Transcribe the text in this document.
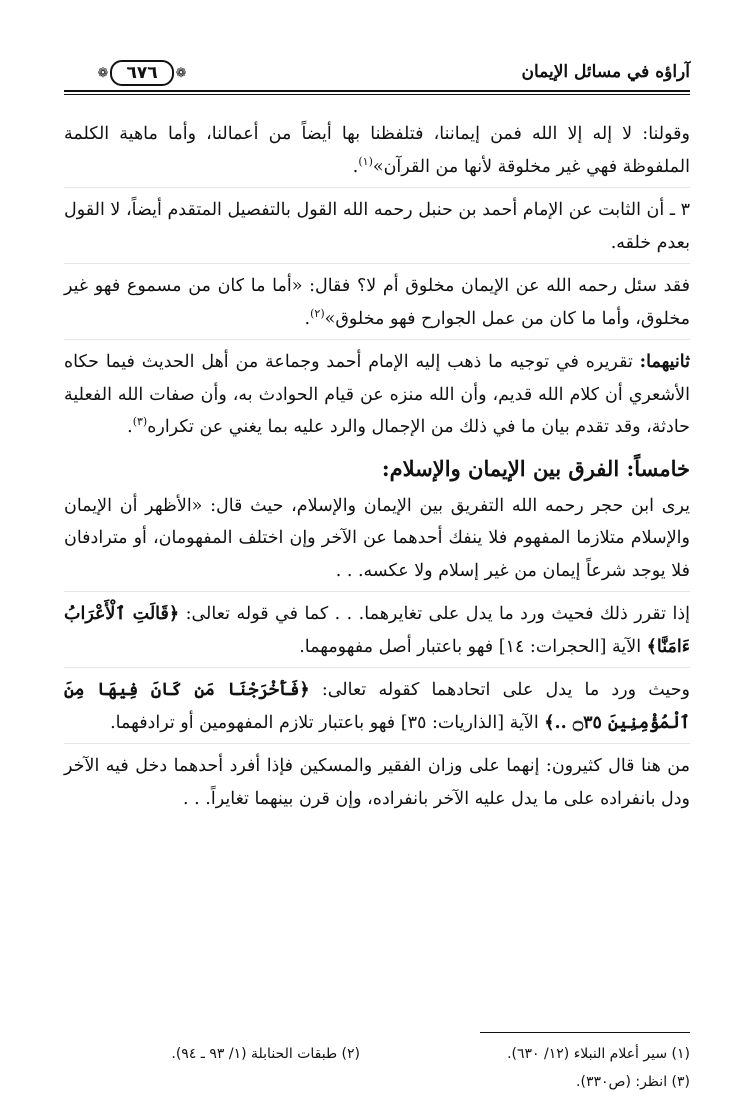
آراؤه في مسائل الإيمان
❁
٦٧٦
❁

وقولنا: لا إله إلا الله فمن إيماننا، فتلفظنا بها أيضاً من أعمالنا، وأما ماهية الكلمة الملفوظة فهي غير مخلوقة لأنها من القرآن»$^{(١)}$.

٣ ـ أن الثابت عن الإمام أحمد بن حنبل رحمه الله القول بالتفصيل المتقدم أيضاً، لا القول بعدم خلقه.

فقد سئل رحمه الله عن الإيمان مخلوق أم لا؟ فقال: «أما ما كان من مسموع فهو غير مخلوق، وأما ما كان من عمل الجوارح فهو مخلوق»$^{(٢)}$.

ثانيهما: تقريره في توجيه ما ذهب إليه الإمام أحمد وجماعة من أهل الحديث فيما حكاه الأشعري أن كلام الله قديم، وأن الله منزه عن قيام الحوادث به، وأن صفات الله الفعلية حادثة، وقد تقدم بيان ما في ذلك من الإجمال والرد عليه بما يغني عن تكراره$^{(٣)}$.

خامساً: الفرق بين الإيمان والإسلام:

يرى ابن حجر رحمه الله التفريق بين الإيمان والإسلام، حيث قال: «الأظهر أن الإيمان والإسلام متلازما المفهوم فلا ينفك أحدهما عن الآخر وإن اختلف المفهومان، أو مترادفان فلا يوجد شرعاً إيمان من غير إسلام ولا عكسه. . .

إذا تقرر ذلك فحيث ورد ما يدل على تغايرهما. . . كما في قوله تعالى: ﴿قَالَتِ ٱلْأَعْرَابُ ءَامَنَّا﴾ الآية [الحجرات: ١٤] فهو باعتبار أصل مفهومهما.

وحيث ورد ما يدل على اتحادهما كقوله تعالى: ﴿فَأَخْرَجْنَا مَن كَانَ فِيهَا مِنَ ٱلْمُؤْمِنِينَ ۝٣٥ ..﴾ الآية [الذاريات: ٣٥] فهو باعتبار تلازم المفهومين أو ترادفهما.

من هنا قال كثيرون: إنهما على وزان الفقير والمسكين فإذا أفرد أحدهما دخل فيه الآخر ودل بانفراده على ما يدل عليه الآخر بانفراده، وإن قرن بينهما تغايراً. . .

(١) سير أعلام النبلاء (١٢/ ٦٣٠).
(٢) طبقات الحنابلة (١/ ٩٣ ـ ٩٤).
(٣) انظر: (ص٣٣٠).
